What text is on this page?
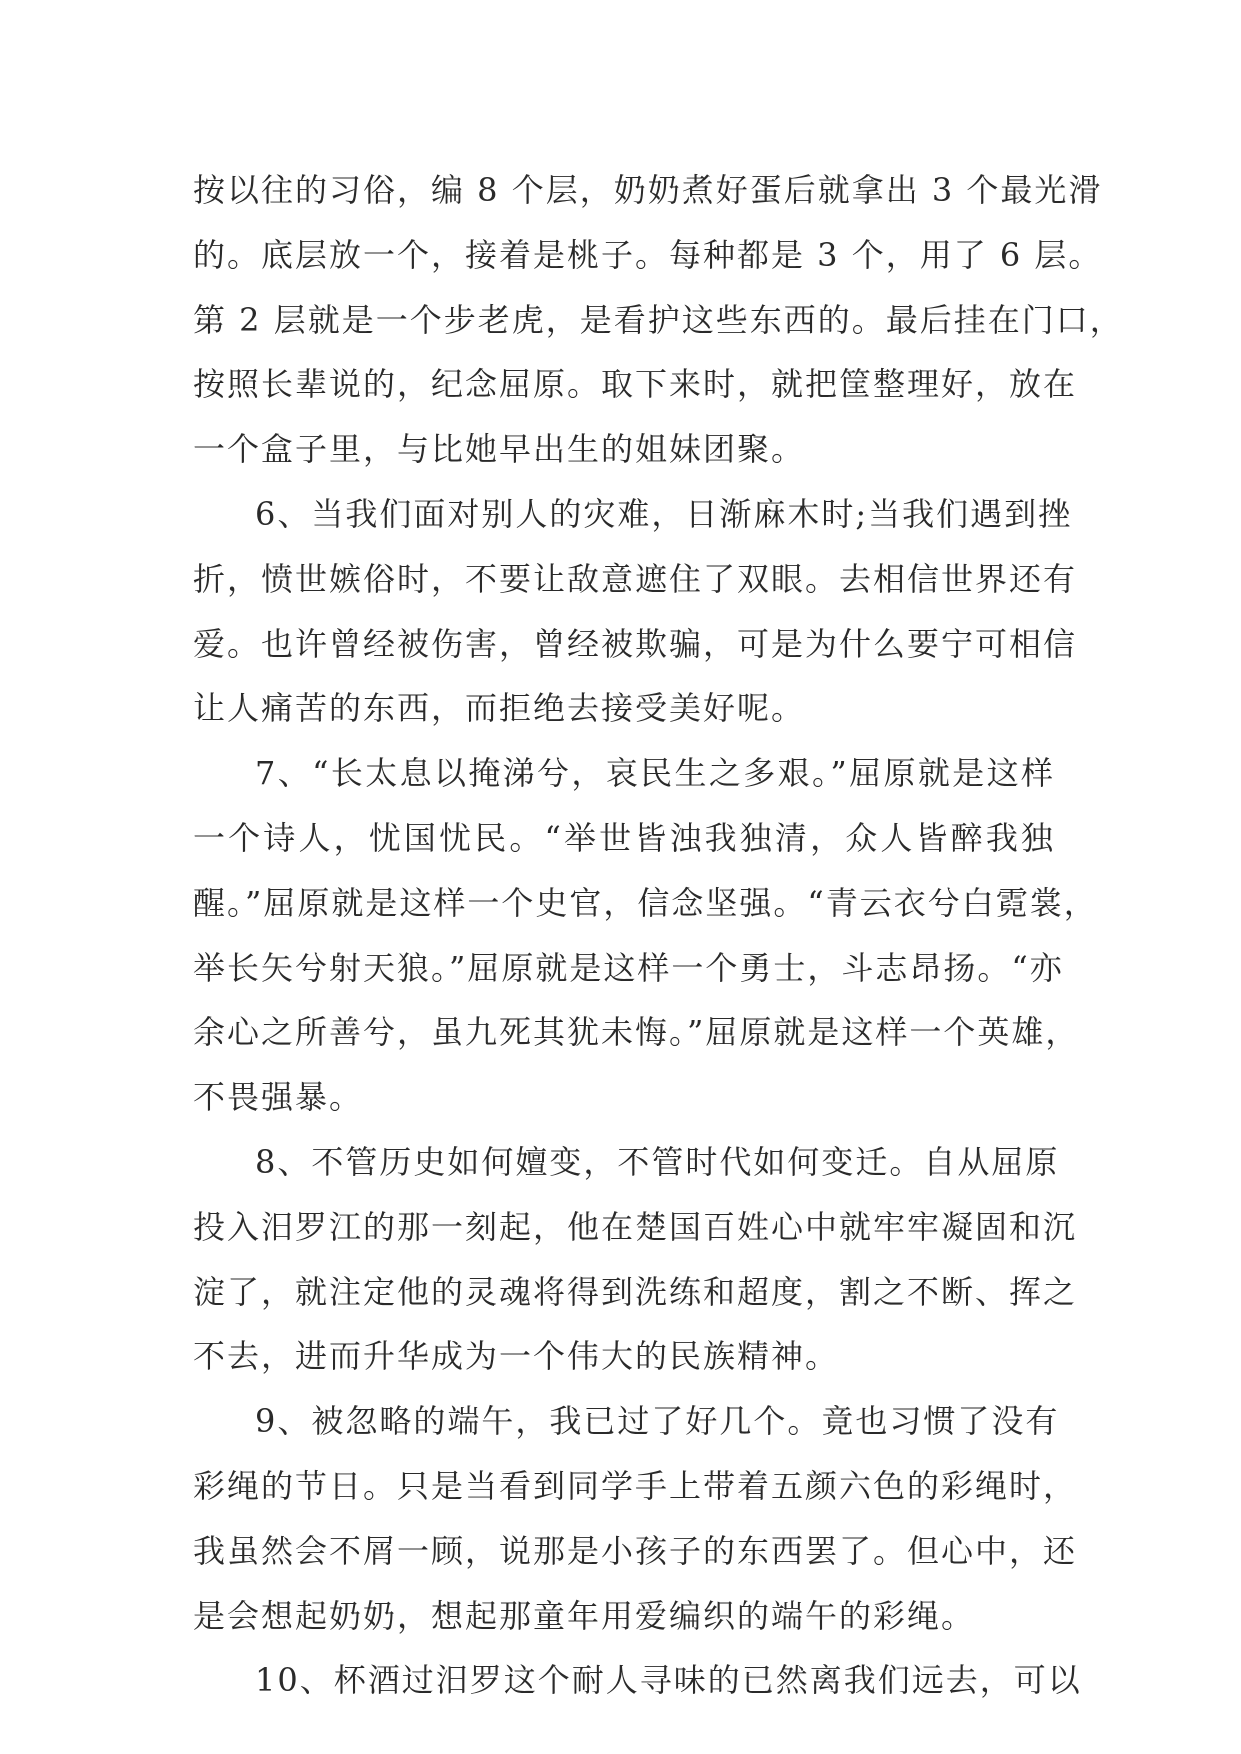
按以往的习俗，编 8 个层，奶奶煮好蛋后就拿出 3 个最光滑
的。底层放一个，接着是桃子。每种都是 3 个，用了 6 层。
第 2 层就是一个步老虎，是看护这些东西的。最后挂在门口，
按照长辈说的，纪念屈原。取下来时，就把筐整理好，放在
一个盒子里，与比她早出生的姐妹团聚。
6、当我们面对别人的灾难，日渐麻木时;当我们遇到挫
折，愤世嫉俗时，不要让敌意遮住了双眼。去相信世界还有
爱。也许曾经被伤害，曾经被欺骗，可是为什么要宁可相信
让人痛苦的东西，而拒绝去接受美好呢。
7、“长太息以掩涕兮，哀民生之多艰。”屈原就是这样
一个诗人，忧国忧民。“举世皆浊我独清，众人皆醉我独
醒。”屈原就是这样一个史官，信念坚强。“青云衣兮白霓裳，
举长矢兮射天狼。”屈原就是这样一个勇士，斗志昂扬。“亦
余心之所善兮，虽九死其犹未悔。”屈原就是这样一个英雄，
不畏强暴。
8、不管历史如何嬗变，不管时代如何变迁。自从屈原
投入汨罗江的那一刻起，他在楚国百姓心中就牢牢凝固和沉
淀了，就注定他的灵魂将得到洗练和超度，割之不断、挥之
不去，进而升华成为一个伟大的民族精神。
9、被忽略的端午，我已过了好几个。竟也习惯了没有
彩绳的节日。只是当看到同学手上带着五颜六色的彩绳时，
我虽然会不屑一顾，说那是小孩子的东西罢了。但心中，还
是会想起奶奶，想起那童年用爱编织的端午的彩绳。
10、杯酒过汨罗这个耐人寻味的已然离我们远去，可以
